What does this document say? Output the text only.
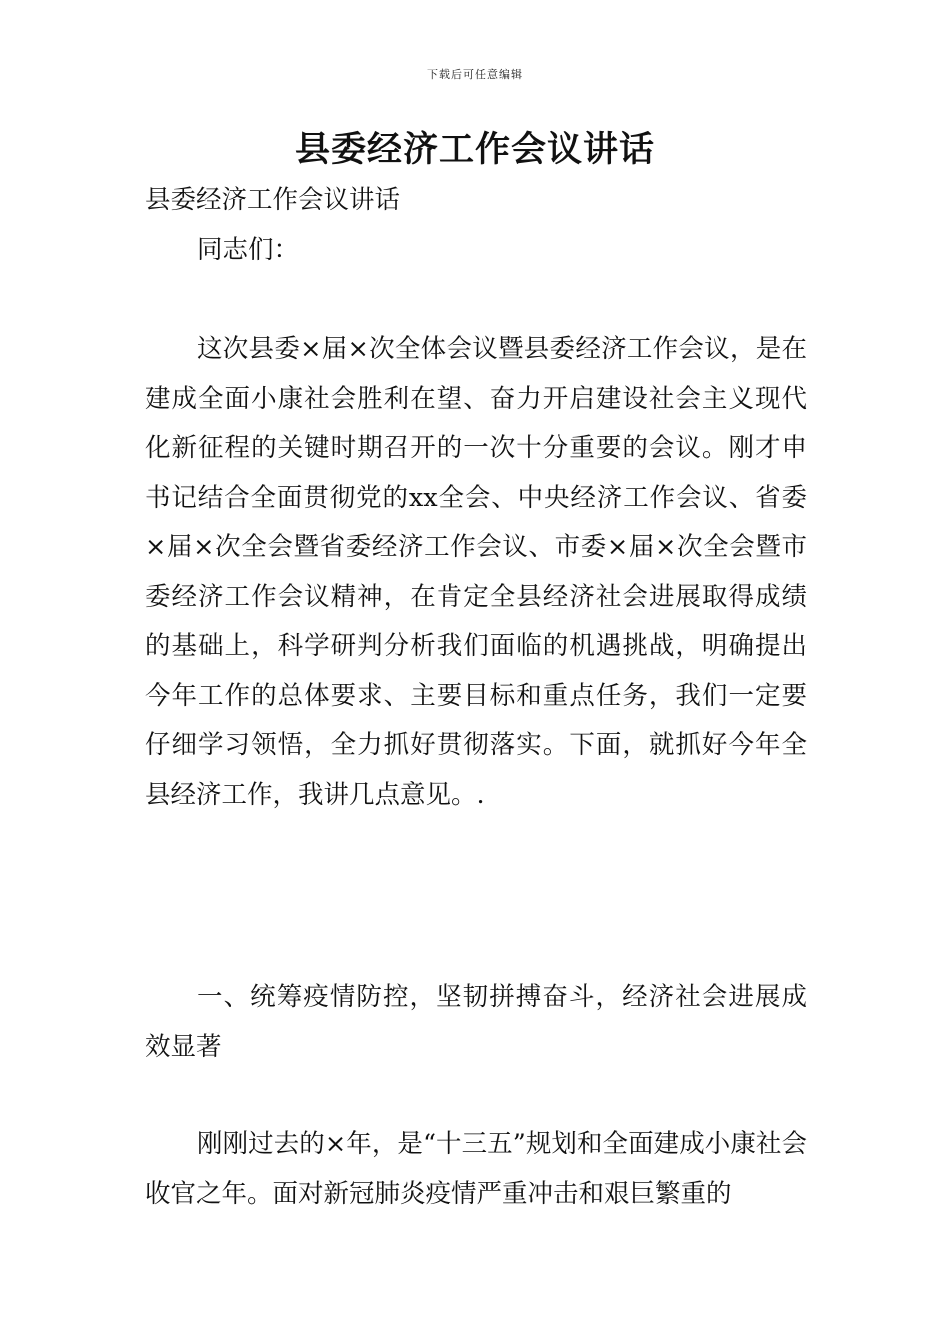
下载后可任意编辑
县委经济工作会议讲话
县委经济工作会议讲话
同志们：
这次县委×届×次全体会议暨县委经济工作会议，是在建成全面小康社会胜利在望、奋力开启建设社会主义现代化新征程的关键时期召开的一次十分重要的会议。刚才申书记结合全面贯彻党的xx全会、中央经济工作会议、省委×届×次全会暨省委经济工作会议、市委×届×次全会暨市委经济工作会议精神，在肯定全县经济社会进展取得成绩的基础上，科学研判分析我们面临的机遇挑战，明确提出今年工作的总体要求、主要目标和重点任务，我们一定要仔细学习领悟，全力抓好贯彻落实。下面，就抓好今年全县经济工作，我讲几点意见。.
一、统筹疫情防控，坚韧拼搏奋斗，经济社会进展成效显著
刚刚过去的×年，是“十三五”规划和全面建成小康社会收官之年。面对新冠肺炎疫情严重冲击和艰巨繁重的
